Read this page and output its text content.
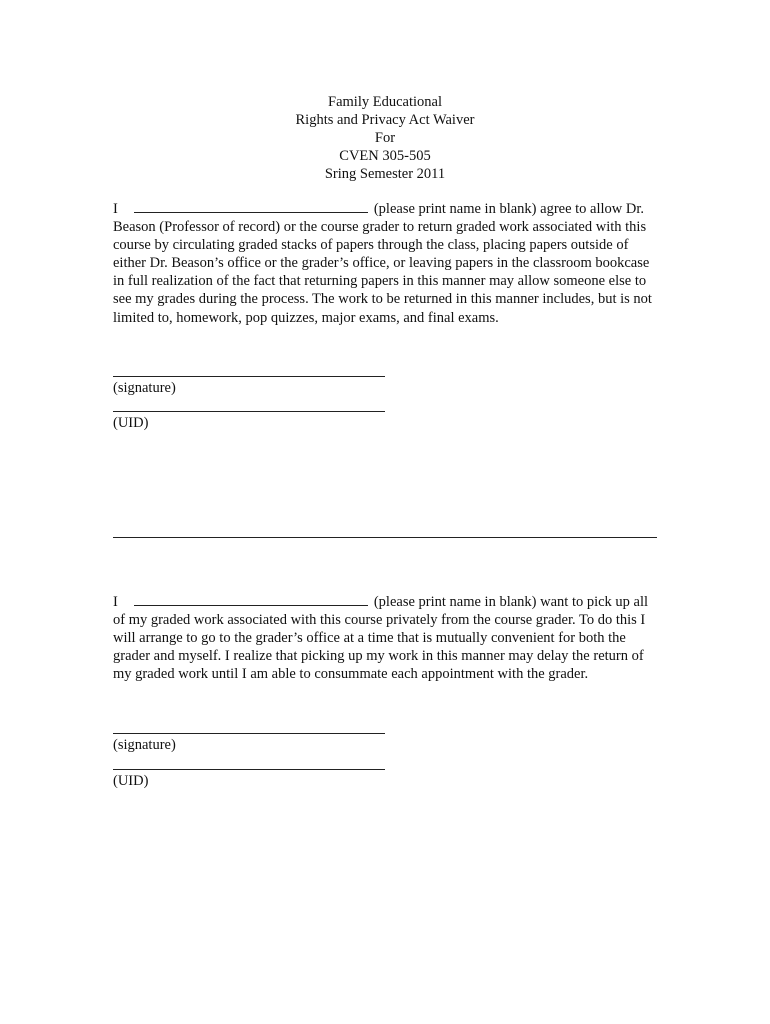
Family Educational
Rights and Privacy Act Waiver
For
CVEN 305-505
Sring Semester 2011

I	(please print name in blank) agree to allow Dr. Beason (Professor of record) or the course grader to return graded work associated with this course by circulating graded stacks of papers through the class, placing papers outside of either Dr. Beason’s office or the grader’s office, or leaving papers in the classroom bookcase in full realization of the fact that returning papers in this manner may allow someone else to see my grades during the process. The work to be returned in this manner includes, but is not limited to, homework, pop quizzes, major exams, and final exams.

(signature)
(UID)

I	(please print name in blank) want to pick up all of my graded work associated with this course privately from the course grader. To do this I will arrange to go to the grader’s office at a time that is mutually convenient for both the grader and myself. I realize that picking up my work in this manner may delay the return of my graded work until I am able to consummate each appointment with the grader.

(signature)
(UID)
